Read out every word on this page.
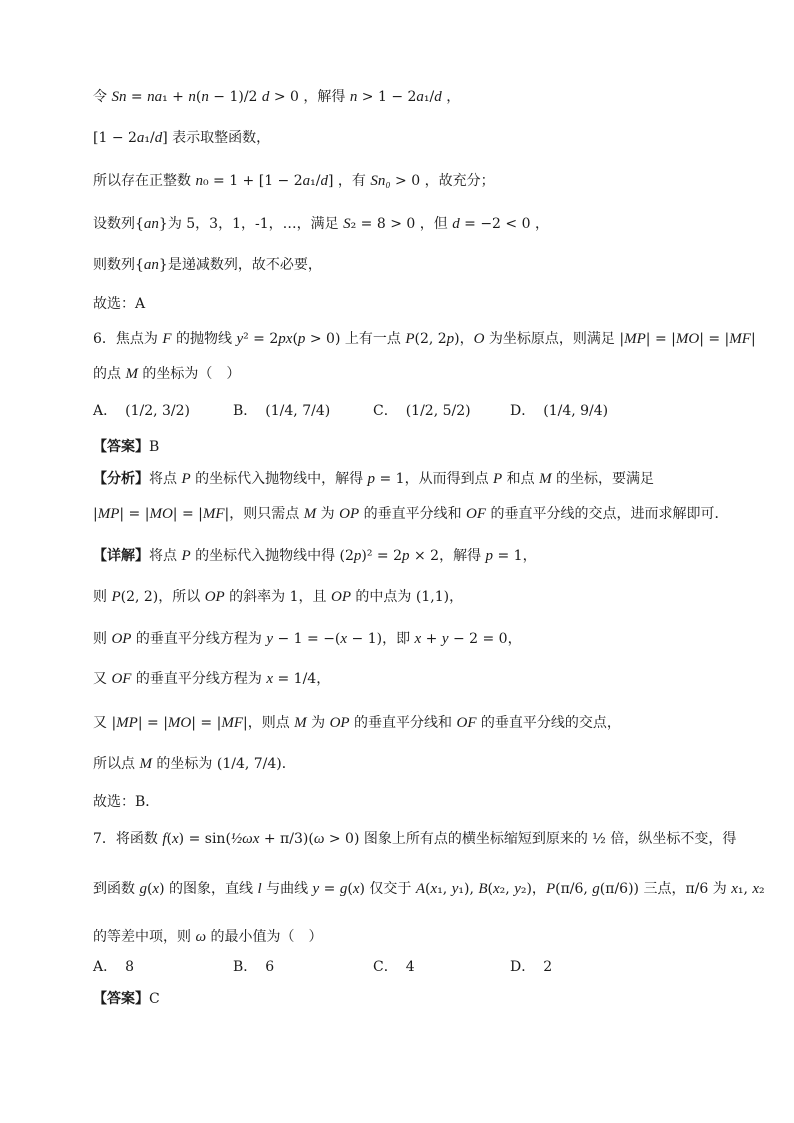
令 Sn = na₁ + n(n − 1)/2 d > 0 ，解得 n > 1 − 2a₁/d ，
[1 − 2a₁/d] 表示取整函数，
所以存在正整数 n₀ = 1 + [1 − 2a₁/d] ，有 Sn₀ > 0 ，故充分；
设数列{an}为 5，3，1，-1，…，满足 S₂ = 8 > 0 ，但 d = −2 < 0 ，
则数列{an}是递减数列，故不必要，
故选：A
6．焦点为 F 的抛物线 y² = 2px(p > 0) 上有一点 P(2, 2p)，O 为坐标原点，则满足 |MP| = |MO| = |MF|
的点 M 的坐标为（　）
A． (1/2, 3/2)	B． (1/4, 7/4)	C． (1/2, 5/2)	D． (1/4, 9/4)
【答案】B
【分析】将点 P 的坐标代入抛物线中，解得 p = 1，从而得到点 P 和点 M 的坐标，要满足
|MP| = |MO| = |MF|，则只需点 M 为 OP 的垂直平分线和 OF 的垂直平分线的交点，进而求解即可．
【详解】将点 P 的坐标代入抛物线中得 (2p)² = 2p × 2，解得 p = 1，
则 P(2, 2)，所以 OP 的斜率为 1，且 OP 的中点为 (1,1)，
则 OP 的垂直平分线方程为 y − 1 = −(x − 1)，即 x + y − 2 = 0，
又 OF 的垂直平分线方程为 x = 1/4，
又 |MP| = |MO| = |MF|，则点 M 为 OP 的垂直平分线和 OF 的垂直平分线的交点，
所以点 M 的坐标为 (1/4, 7/4)．
故选：B．
7．将函数 f(x) = sin(½ωx + π/3)(ω > 0) 图象上所有点的横坐标缩短到原来的 ½ 倍，纵坐标不变，得
到函数 g(x) 的图象，直线 l 与曲线 y = g(x) 仅交于 A(x₁, y₁), B(x₂, y₂)，P(π/6, g(π/6)) 三点，π/6 为 x₁, x₂
的等差中项，则 ω 的最小值为（　）
A． 8	B． 6	C． 4	D． 2
【答案】C
